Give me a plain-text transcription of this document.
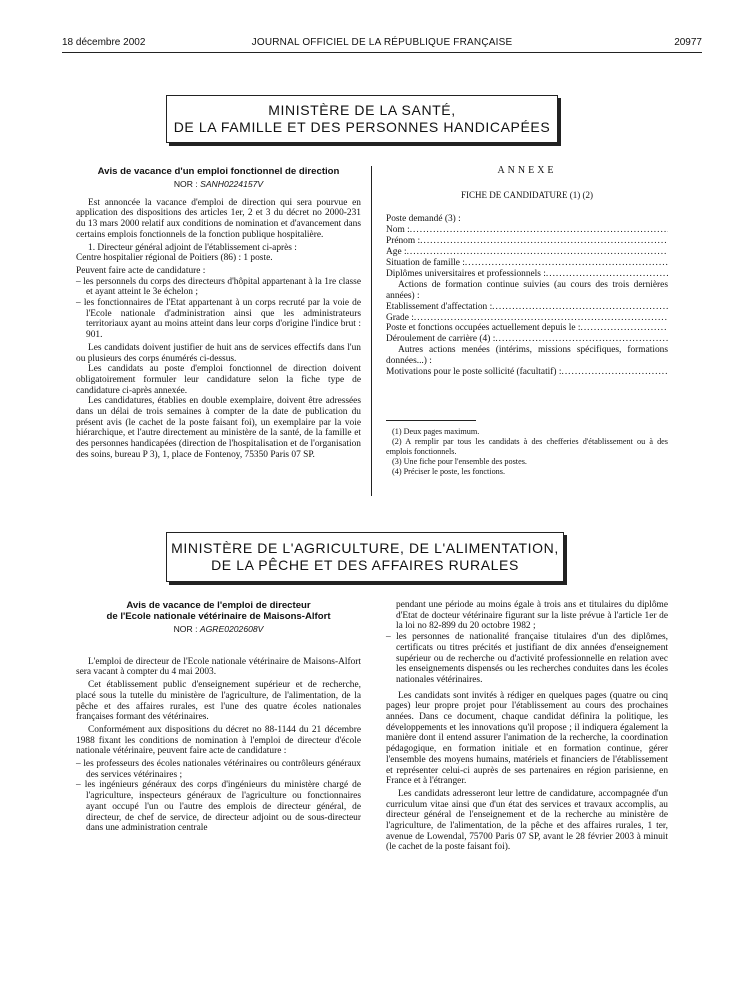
18 décembre 2002	JOURNAL OFFICIEL DE LA RÉPUBLIQUE FRANÇAISE	20977
MINISTÈRE DE LA SANTÉ,
DE LA FAMILLE ET DES PERSONNES HANDICAPÉES
Avis de vacance d'un emploi fonctionnel de direction
NOR : SANH0224157V

Est annoncée la vacance d'emploi de direction qui sera pourvue en application des dispositions des articles 1er, 2 et 3 du décret no 2000-231 du 13 mars 2000 relatif aux conditions de nomination et d'avancement dans certains emplois fonctionnels de la fonction publique hospitalière.

1. Directeur général adjoint de l'établissement ci-après :

Centre hospitalier régional de Poitiers (86) : 1 poste.

Peuvent faire acte de candidature :

– les personnels du corps des directeurs d'hôpital appartenant à la 1re classe et ayant atteint le 3e échelon ;

– les fonctionnaires de l'Etat appartenant à un corps recruté par la voie de l'Ecole nationale d'administration ainsi que les administrateurs territoriaux ayant au moins atteint dans leur corps d'origine l'indice brut : 901.

Les candidats doivent justifier de huit ans de services effectifs dans l'un ou plusieurs des corps énumérés ci-dessus.

Les candidats au poste d'emploi fonctionnel de direction doivent obligatoirement formuler leur candidature selon la fiche type de candidature ci-après annexée.

Les candidatures, établies en double exemplaire, doivent être adressées dans un délai de trois semaines à compter de la date de publication du présent avis (le cachet de la poste faisant foi), un exemplaire par la voie hiérarchique, et l'autre directement au ministère de la santé, de la famille et des personnes handicapées (direction de l'hospitalisation et de l'organisation des soins, bureau P 3), 1, place de Fontenoy, 75350 Paris 07 SP.

ANNEXE
FICHE DE CANDIDATURE (1) (2)
Poste demandé (3) :
Nom :
.....
Prénom :
.....
Age :
.....
Situation de famille :
.....
Diplômes universitaires et professionnels :
.....

Actions de formation continue suivies (au cours des trois dernières années) :

Etablissement d'affectation :
.....
Grade :
.....
Poste et fonctions occupées actuellement depuis le :
.....
Déroulement de carrière (4) :
.....

Autres actions menées (intérims, missions spécifiques, formations données...) :

Motivations pour le poste sollicité (facultatif) :
.....
(1) Deux pages maximum.
(2) A remplir par tous les candidats à des chefferies d'établissement ou à des emplois fonctionnels.
(3) Une fiche pour l'ensemble des postes.
(4) Préciser le poste, les fonctions.
MINISTÈRE DE L'AGRICULTURE, DE L'ALIMENTATION,
DE LA PÊCHE ET DES AFFAIRES RURALES
Avis de vacance de l'emploi de directeur
de l'Ecole nationale vétérinaire de Maisons-Alfort
NOR : AGRE0202608V

L'emploi de directeur de l'Ecole nationale vétérinaire de Maisons-Alfort sera vacant à compter du 4 mai 2003.

Cet établissement public d'enseignement supérieur et de recherche, placé sous la tutelle du ministère de l'agriculture, de l'alimentation, de la pêche et des affaires rurales, est l'une des quatre écoles nationales françaises formant des vétérinaires.

Conformément aux dispositions du décret no 88-1144 du 21 décembre 1988 fixant les conditions de nomination à l'emploi de directeur d'école nationale vétérinaire, peuvent faire acte de candidature :

– les professeurs des écoles nationales vétérinaires ou contrôleurs généraux des services vétérinaires ;

– les ingénieurs généraux des corps d'ingénieurs du ministère chargé de l'agriculture, inspecteurs généraux de l'agriculture ou fonctionnaires ayant occupé l'un ou l'autre des emplois de directeur général, de directeur, de chef de service, de directeur adjoint ou de sous-directeur dans une administration centrale

pendant une période au moins égale à trois ans et titulaires du diplôme d'Etat de docteur vétérinaire figurant sur la liste prévue à l'article 1er de la loi no 82-899 du 20 octobre 1982 ;

– les personnes de nationalité française titulaires d'un des diplômes, certificats ou titres précités et justifiant de dix années d'enseignement supérieur ou de recherche ou d'activité professionnelle en relation avec les enseignements dispensés ou les recherches conduites dans les écoles nationales vétérinaires.

Les candidats sont invités à rédiger en quelques pages (quatre ou cinq pages) leur propre projet pour l'établissement au cours des prochaines années. Dans ce document, chaque candidat définira la politique, les développements et les innovations qu'il propose ; il indiquera également la manière dont il entend assurer l'animation de la recherche, la coordination pédagogique, en formation initiale et en formation continue, gérer l'ensemble des moyens humains, matériels et financiers de l'établissement et représenter celui-ci auprès de ses partenaires en région parisienne, en France et à l'étranger.

Les candidats adresseront leur lettre de candidature, accompagnée d'un curriculum vitae ainsi que d'un état des services et travaux accomplis, au directeur général de l'enseignement et de la recherche au ministère de l'agriculture, de l'alimentation, de la pêche et des affaires rurales, 1 ter, avenue de Lowendal, 75700 Paris 07 SP, avant le 28 février 2003 à minuit (le cachet de la poste faisant foi).
